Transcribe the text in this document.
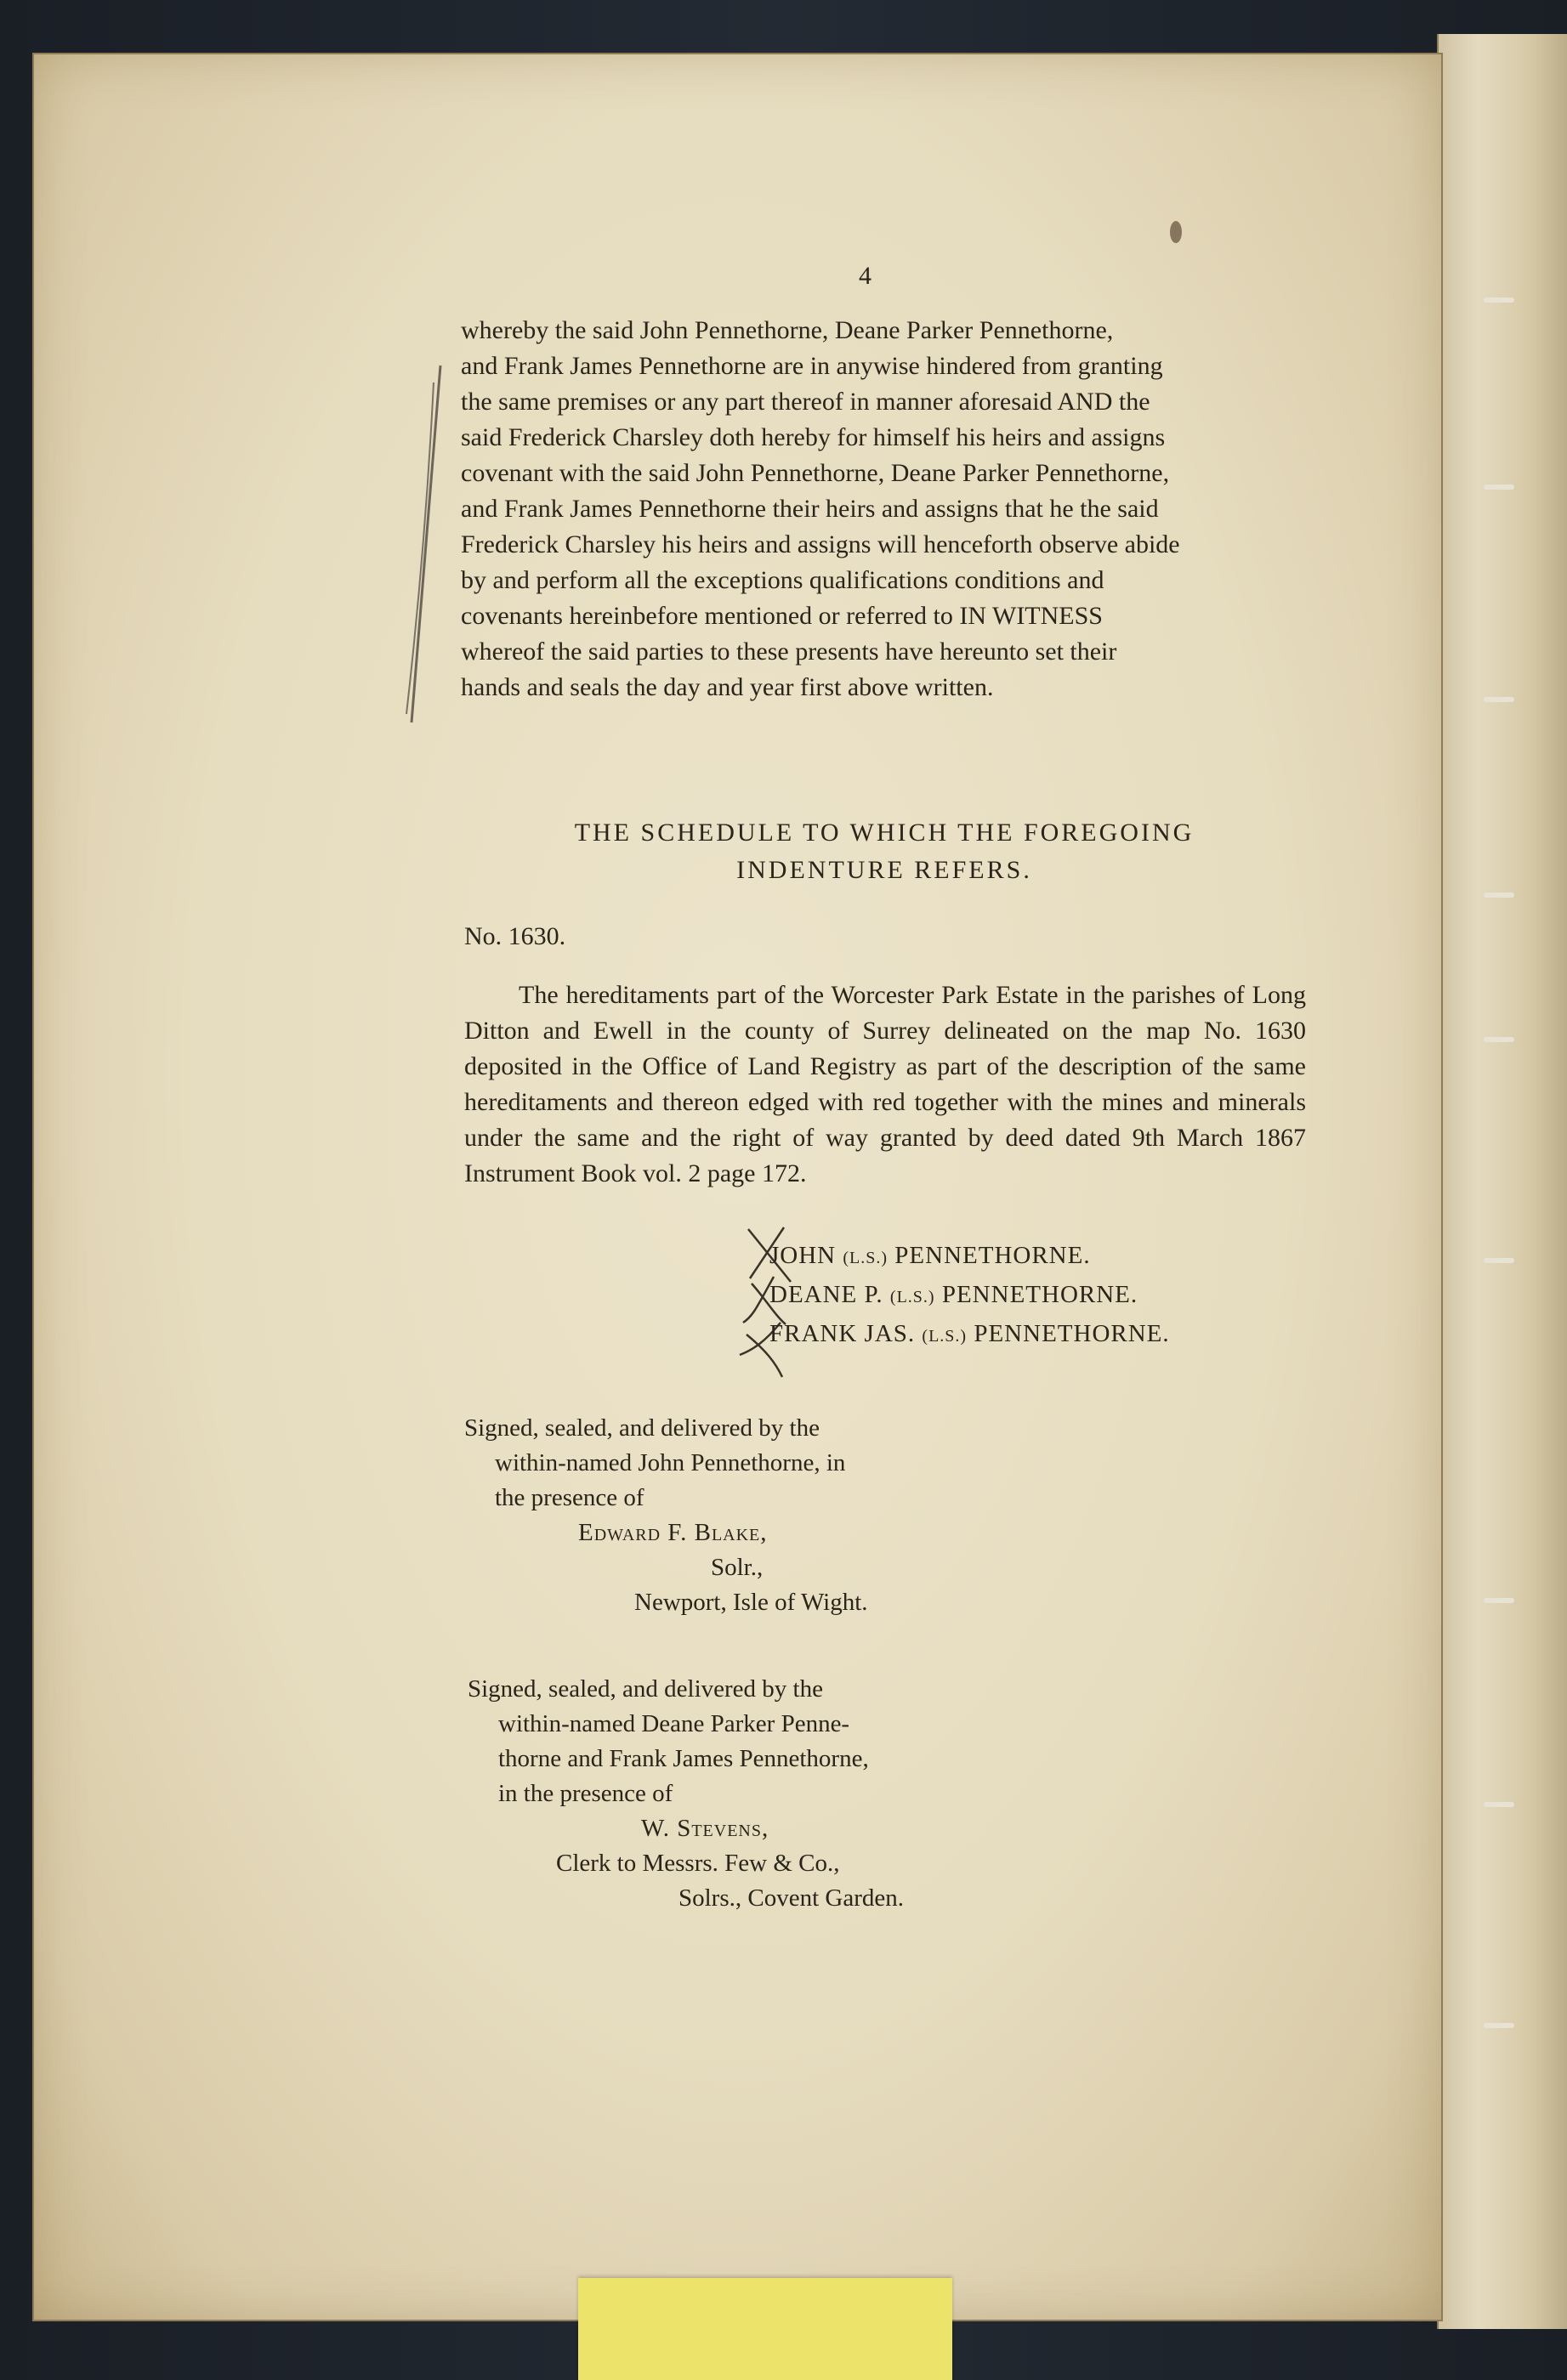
4

whereby the said John Pennethorne, Deane Parker Pennethorne,

and Frank James Pennethorne are in anywise hindered from granting

the same premises or any part thereof in manner aforesaid AND the

said Frederick Charsley doth hereby for himself his heirs and assigns

covenant with the said John Pennethorne, Deane Parker Pennethorne,

and Frank James Pennethorne their heirs and assigns that he the said

Frederick Charsley his heirs and assigns will henceforth observe abide

by and perform all the exceptions qualifications conditions and

covenants hereinbefore mentioned or referred to IN WITNESS

whereof the said parties to these presents have hereunto set their

hands and seals the day and year first above written.

THE SCHEDULE TO WHICH THE FOREGOING
INDENTURE REFERS.
No. 1630.

The hereditaments part of the Worcester Park Estate in the parishes of Long Ditton and Ewell in the county of Surrey delineated on the map No. 1630 deposited in the Office of Land Registry as part of the description of the same hereditaments and thereon edged with red together with the mines and minerals under the same and the right of way granted by deed dated 9th March 1867 Instrument Book vol. 2 page 172.

JOHN (L.S.) PENNETHORNE.
DEANE P. (L.S.) PENNETHORNE.
FRANK JAS. (L.S.) PENNETHORNE.
Signed, sealed, and delivered by the
within-named John Pennethorne, in
the presence of
Edward F. Blake,
Solr.,
Newport, Isle of Wight.
Signed, sealed, and delivered by the
within-named Deane Parker Penne-
thorne and Frank James Pennethorne,
in the presence of
W. Stevens,
Clerk to Messrs. Few & Co.,
Solrs., Covent Garden.
